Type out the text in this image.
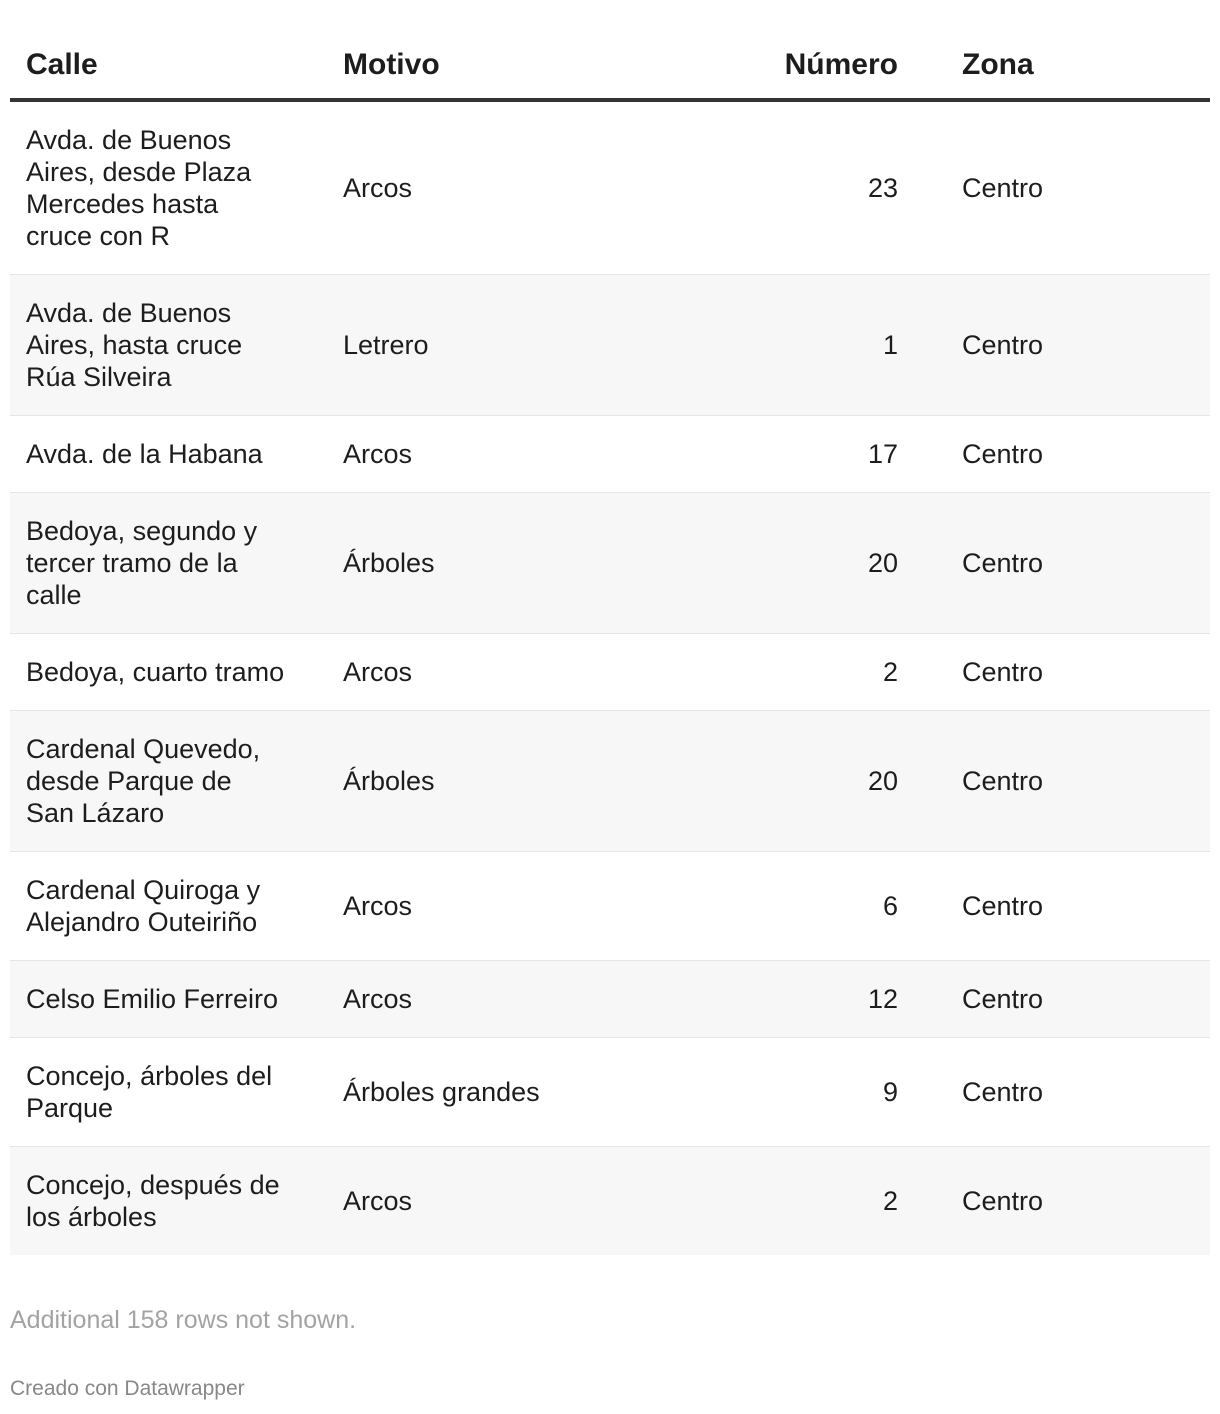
Calle	Motivo	Número	Zona
Avda. de Buenos Aires, desde Plaza Mercedes hasta cruce con R	Arcos	23	Centro
Avda. de Buenos Aires, hasta cruce Rúa Silveira	Letrero	1	Centro
Avda. de la Habana	Arcos	17	Centro
Bedoya, segundo y tercer tramo de la calle	Árboles	20	Centro
Bedoya, cuarto tramo	Arcos	2	Centro
Cardenal Quevedo, desde Parque de San Lázaro	Árboles	20	Centro
Cardenal Quiroga y Alejandro Outeiriño	Arcos	6	Centro
Celso Emilio Ferreiro	Arcos	12	Centro
Concejo, árboles del Parque	Árboles grandes	9	Centro
Concejo, después de los árboles	Arcos	2	Centro
Additional 158 rows not shown.
Creado con Datawrapper
